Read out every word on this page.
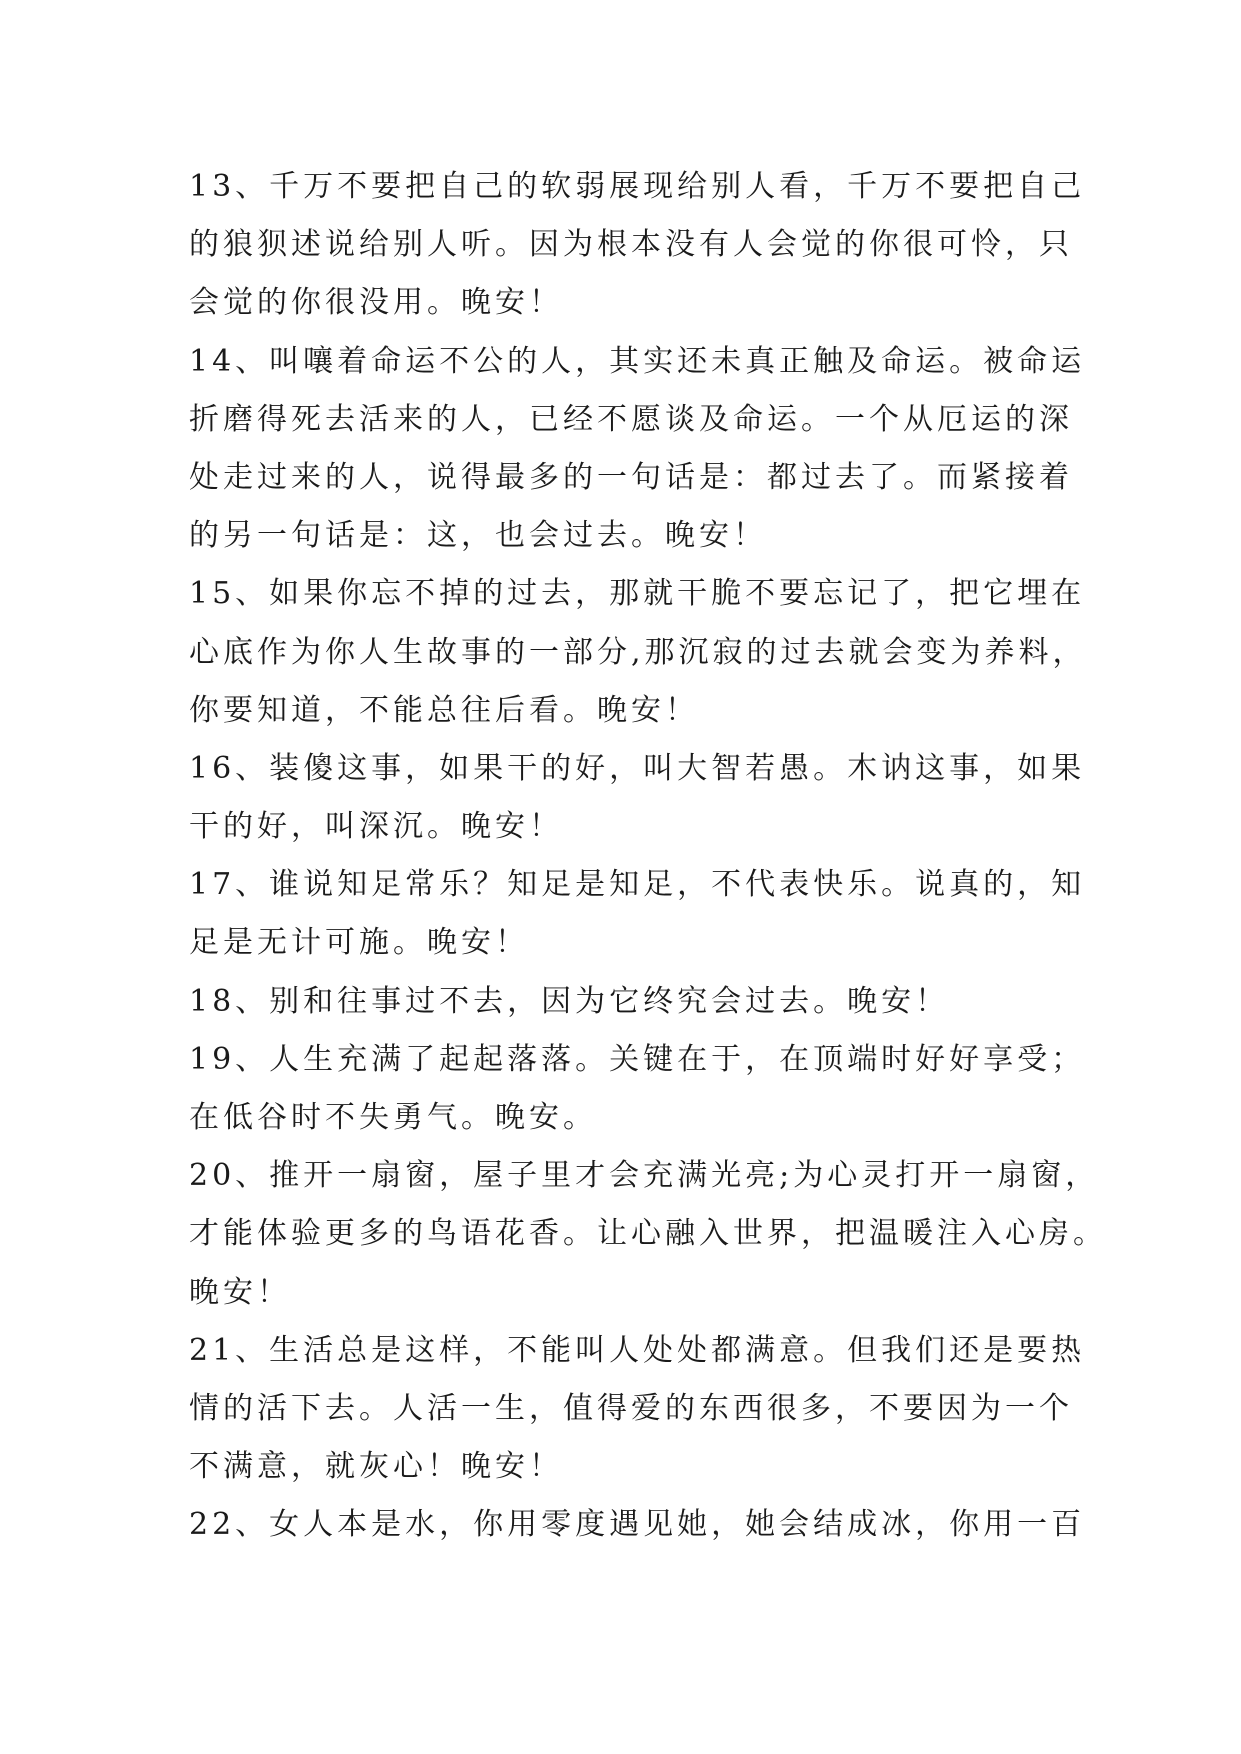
13、千万不要把自己的软弱展现给别人看，千万不要把自己
的狼狈述说给别人听。因为根本没有人会觉的你很可怜，只
会觉的你很没用。晚安！

14、叫嚷着命运不公的人，其实还未真正触及命运。被命运
折磨得死去活来的人，已经不愿谈及命运。一个从厄运的深
处走过来的人，说得最多的一句话是：都过去了。而紧接着
的另一句话是：这，也会过去。晚安！

15、如果你忘不掉的过去，那就干脆不要忘记了，把它埋在
心底作为你人生故事的一部分,那沉寂的过去就会变为养料，
你要知道，不能总往后看。晚安！

16、装傻这事，如果干的好，叫大智若愚。木讷这事，如果
干的好，叫深沉。晚安！

17、谁说知足常乐？知足是知足，不代表快乐。说真的，知
足是无计可施。晚安！

18、别和往事过不去，因为它终究会过去。晚安！

19、人生充满了起起落落。关键在于，在顶端时好好享受；
在低谷时不失勇气。晚安。

20、推开一扇窗，屋子里才会充满光亮;为心灵打开一扇窗，
才能体验更多的鸟语花香。让心融入世界，把温暖注入心房。
晚安！

21、生活总是这样，不能叫人处处都满意。但我们还是要热
情的活下去。人活一生，值得爱的东西很多，不要因为一个
不满意，就灰心！晚安！

22、女人本是水，你用零度遇见她，她会结成冰，你用一百
